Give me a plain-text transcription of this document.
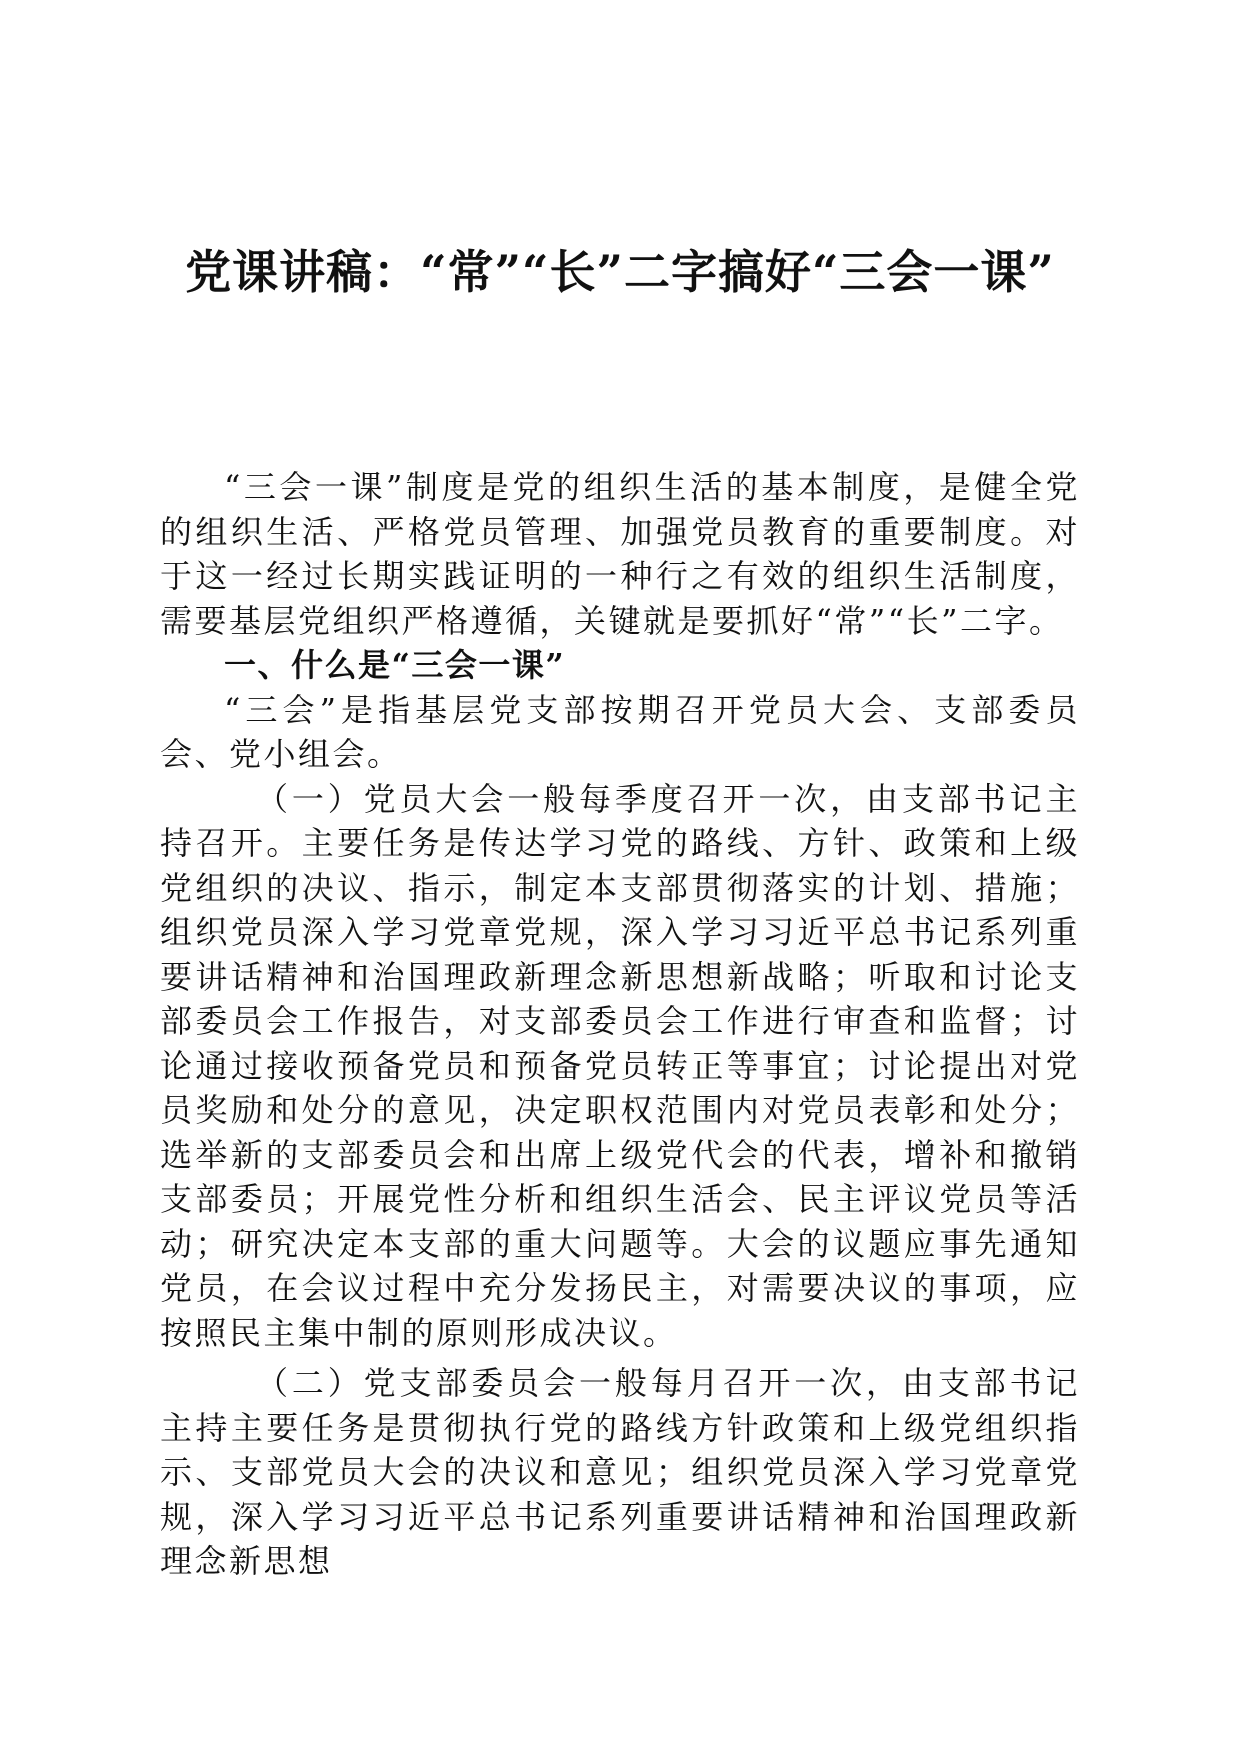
党课讲稿：“常”“长”二字搞好“三会一课”

“三会一课”制度是党的组织生活的基本制度，是健全党的组织生活、严格党员管理、加强党员教育的重要制度。对于这一经过长期实践证明的一种行之有效的组织生活制度，需要基层党组织严格遵循，关键就是要抓好“常”“长”二字。

一、什么是“三会一课”

“三会”是指基层党支部按期召开党员大会、支部委员会、党小组会。

（一）党员大会一般每季度召开一次，由支部书记主持召开。主要任务是传达学习党的路线、方针、政策和上级党组织的决议、指示，制定本支部贯彻落实的计划、措施；组织党员深入学习党章党规，深入学习习近平总书记系列重要讲话精神和治国理政新理念新思想新战略；听取和讨论支部委员会工作报告，对支部委员会工作进行审查和监督；讨论通过接收预备党员和预备党员转正等事宜；讨论提出对党员奖励和处分的意见，决定职权范围内对党员表彰和处分；选举新的支部委员会和出席上级党代会的代表，增补和撤销支部委员；开展党性分析和组织生活会、民主评议党员等活动；研究决定本支部的重大问题等。大会的议题应事先通知党员，在会议过程中充分发扬民主，对需要决议的事项，应按照民主集中制的原则形成决议。

（二）党支部委员会一般每月召开一次，由支部书记主持主要任务是贯彻执行党的路线方针政策和上级党组织指示、支部党员大会的决议和意见；组织党员深入学习党章党规，深入学习习近平总书记系列重要讲话精神和治国理政新理念新思想
